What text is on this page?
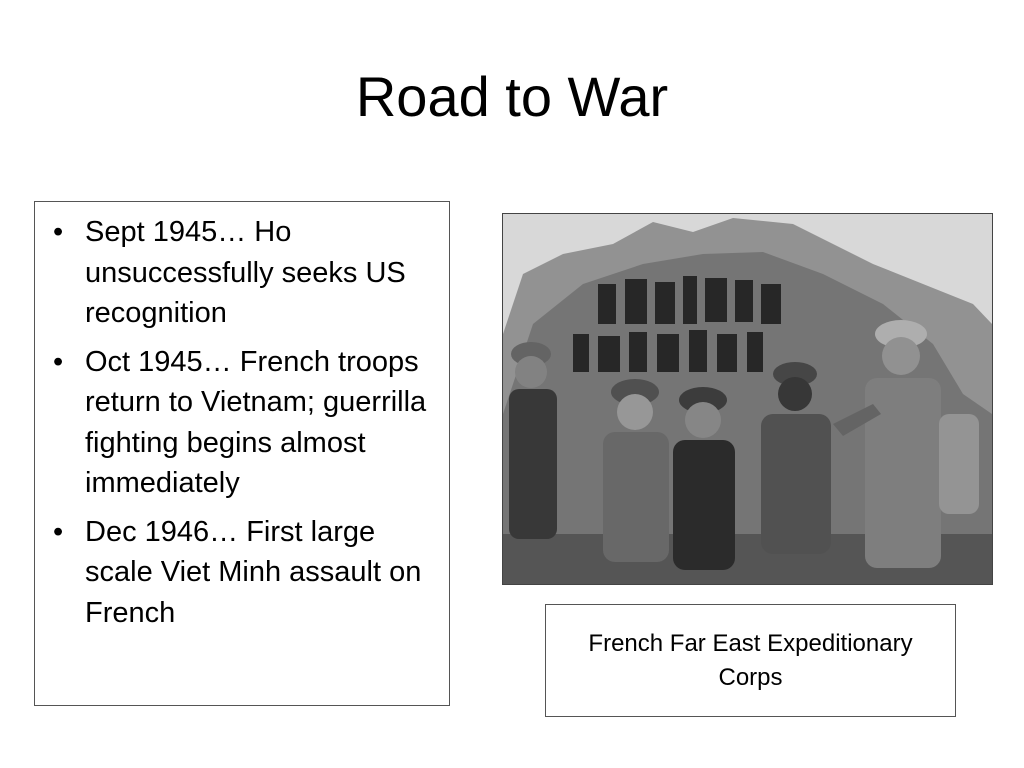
Road to War
• Sept 1945… Ho unsuccessfully seeks US recognition
• Oct 1945… French troops return to Vietnam; guerrilla fighting begins almost immediately
• Dec 1946… First large scale Viet Minh assault on French
French Far East Expeditionary Corps
